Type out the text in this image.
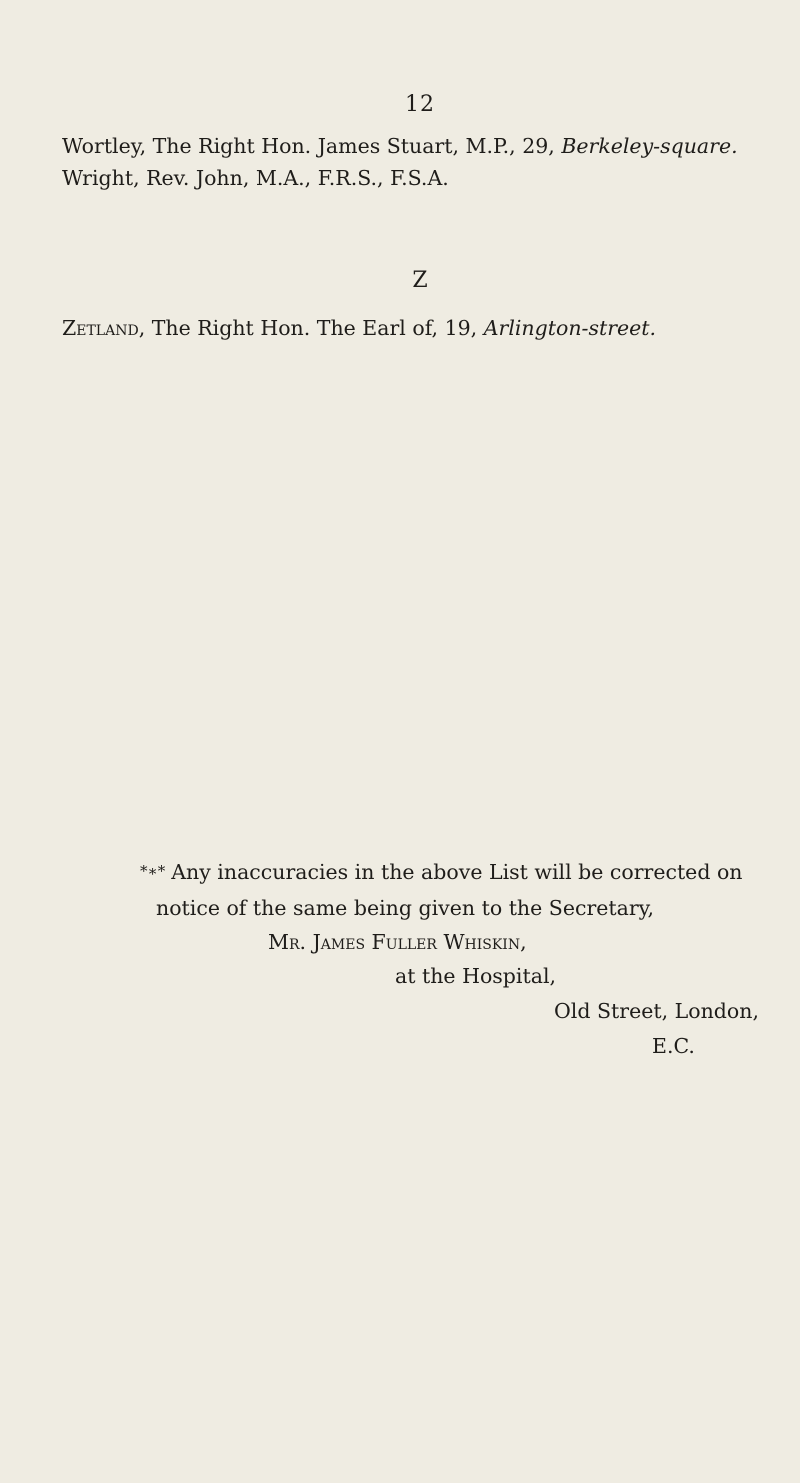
12
Wortley, The Right Hon. James Stuart, M.P., 29, Berkeley-square.
Wright, Rev. John, M.A., F.R.S., F.S.A.
Z
Zetland, The Right Hon. The Earl of, 19, Arlington-street.
*∗* Any inaccuracies in the above List will be corrected on
notice of the same being given to the Secretary,
Mr. James Fuller Whiskin,
at the Hospital,
Old Street, London,
E.C.
